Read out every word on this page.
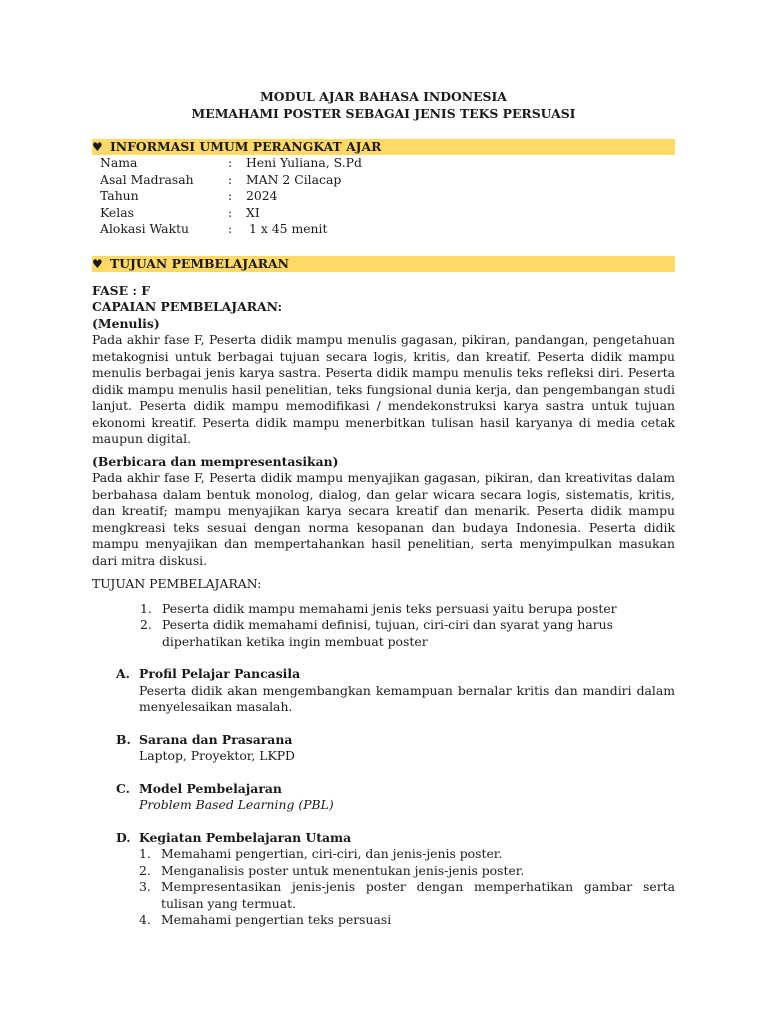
MODUL AJAR BAHASA INDONESIA
MEMAHAMI POSTER SEBAGAI JENIS TEKS PERSUASI
♥ INFORMASI UMUM PERANGKAT AJAR
Nama	:	Heni Yuliana, S.Pd
Asal Madrasah	:	MAN 2 Cilacap
Tahun	:	2024
Kelas	:	XI
Alokasi Waktu	:	1 x 45 menit
♥ TUJUAN PEMBELAJARAN
FASE : F
CAPAIAN PEMBELAJARAN:
(Menulis)
Pada akhir fase F, Peserta didik mampu menulis gagasan, pikiran, pandangan, pengetahuan metakognisi untuk berbagai tujuan secara logis, kritis, dan kreatif. Peserta didik mampu menulis berbagai jenis karya sastra. Peserta didik mampu menulis teks refleksi diri. Peserta didik mampu menulis hasil penelitian, teks fungsional dunia kerja, dan pengembangan studi lanjut. Peserta didik mampu memodifikasi / mendekonstruksi karya sastra untuk tujuan ekonomi kreatif. Peserta didik mampu menerbitkan tulisan hasil karyanya di media cetak maupun digital.
(Berbicara dan mempresentasikan)
Pada akhir fase F, Peserta didik mampu menyajikan gagasan, pikiran, dan kreativitas dalam berbahasa dalam bentuk monolog, dialog, dan gelar wicara secara logis, sistematis, kritis, dan kreatif; mampu menyajikan karya secara kreatif dan menarik. Peserta didik mampu mengkreasi teks sesuai dengan norma kesopanan dan budaya Indonesia. Peserta didik mampu menyajikan dan mempertahankan hasil penelitian, serta menyimpulkan masukan dari mitra diskusi.
TUJUAN PEMBELAJARAN:
1. Peserta didik mampu memahami jenis teks persuasi yaitu berupa poster
2. Peserta didik memahami definisi, tujuan, ciri-ciri dan syarat yang harus diperhatikan ketika ingin membuat poster
A. Profil Pelajar Pancasila
Peserta didik akan mengembangkan kemampuan bernalar kritis dan mandiri dalam menyelesaikan masalah.
B. Sarana dan Prasarana
Laptop, Proyektor, LKPD
C. Model Pembelajaran
Problem Based Learning (PBL)
D. Kegiatan Pembelajaran Utama
1. Memahami pengertian, ciri-ciri, dan jenis-jenis poster.
2. Menganalisis poster untuk menentukan jenis-jenis poster.
3. Mempresentasikan jenis-jenis poster dengan memperhatikan gambar serta tulisan yang termuat.
4. Memahami pengertian teks persuasi
